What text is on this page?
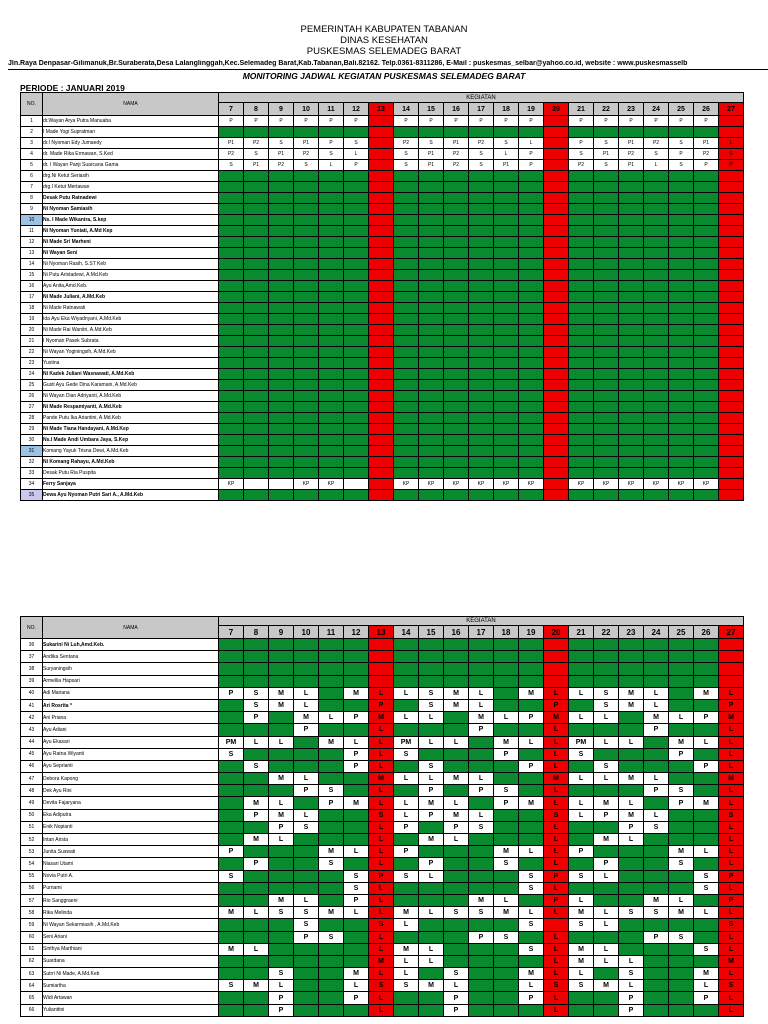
PEMERINTAH KABUPATEN TABANAN
DINAS KESEHATAN
PUSKESMAS SELEMADEG BARAT
Jln.Raya Denpasar-Gilimanuk,Br.Suraberata,Desa Lalanglinggah,Kec.Selemadeg Barat,Kab.Tabanan,Bali.82162. Telp.0361-8311286, E-Mail : puskesmas_selbar@yahoo.co.id, website : www.puskesmasselb
MONITORING JADWAL KEGIATAN PUSKESMAS SELEMADEG BARAT
PERIODE : JANUARI 2019
NO.	NAMA	KEGIATAN																				
		7	8	9	10	11	12	13	14	15	16	17	18	19	20	21	22	23	24	25	26	27
1	dr.Wayan Arya Putra Manuaba	P	P	P	P	P	P		P	P	P	P	P	P		P	P	P	P	P	P	
2	I Made Yogi Supratman																					
3	dr.I Nyoman Edy Jumaedy	P1	P2	S	P1	P	S		P2	S	P1	P2	S	L		P	S	P1	P2	S	P1	L
4	dr. Made Rika Ermawan, S.Ked	P2	S	P1	P2	S	L		S	P1	P2	S	L	P		S	P1	P2	S	P	P2	S
5	dr. I Wayan Panji Suarcana Gama	S	P1	P2	S	L	P		S	P1	P2	S	P1	P		P2	S	P1	L	S	P	P
6	drg.Ni Ketut Seriasih																					
7	drg.I Ketut Mertawan																					
8	Desak Putu Ratnadewi																					
9	Ni Nyoman Samiasih																					
10	Ns. I Made Wikantra, S.kep																					
11	Ni Nyoman Yuniati, A.Md Kep																					
12	Ni Made Sri Marheni																					
13	Ni Wayan Seni																					
14	Ni Nyoman Rasih, S.ST Keb																					
15	Ni Putu Aristadewi, A.Md.Keb																					
16	Ayu Anita,Amd.Keb.																					
17	Ni Made Juliani, A.Md.Keb																					
18	Ni Made Ratnawati																					
19	Ida Ayu Eka Wiyadnyani, A.Md.Keb																					
20	Ni Made Rai Wanitri, A.Md.Keb																					
21	I Nyoman Pasek Subrata																					
22	Ni Wayan Yoginingsih, A.Md.Keb																					
23	Yustina																					
24	Ni Kadek Juliani Wasnawati, A.Md.Keb																					
25	Gusti Ayu Gede Dina Karamani, A.Md.Keb																					
26	Ni Wayan Dian Adriyanti, A.Md.Keb																					
27	Ni Made Respamiyanti, A.Md.Keb																					
28	Pande Putu Ika Ariantini, A.Md.Keb																					
29	Ni Made Tiana Handayani, A.Md.Kep																					
30	Ns.I Made Andi Umbara Jaya, S.Kep																					
31	Komang Yayuk Trisna Dewi, A.Md.Keb																					
32	Ni Komang Rahayu, A.Md.Keb																					
33	Desak Putu Ria Puspita																					
34	Ferry Sanjaya	KP			KP	KP			KP	KP	KP	KP	KP	KP		KP	KP	KP	KP	KP	KP	
35	Dewa Ayu Nyoman Putri Sari A., A.Md.Keb																					
NO.	NAMA	KEGIATAN																				
		7	8	9	10	11	12	13	14	15	16	17	18	19	20	21	22	23	24	25	26	27
36	Sukarini Ni Luh,Amd.Keb.																					
37	Andika Sentana																					
38	Suryaningsih																					
39	Armellia Hapsari																					
40	Adi Mariana	P	S	M	L		M	L	L	S	M	L		M	L	L	S	M	L		M	L
41	Ari Rosrita *		S	M	L			P		S	M	L			P		S	M	L			P
42	Ani Priana		P		M	L	P	M	L	L		M	L	P	M	L	L		M	L	P	M
43	Ayu Adiani				P			L				P			L				P			L
44	Ayu Ekasari	PM	L	L		M	L	L	PM	L	L		M	L	L	PM	L	L		M	L	L
45	Ayu Ratna Wiyanti	S					P	L	S				P		L	S				P		L
46	Ayu Seprianti		S				P	L		S				P	L		S				P	L
47	Debora Kapong			M	L			M	L	L	M	L			M	L	L	M	L			M
48	Dek Ayu Rini				P	S		L		P		P	S		L				P	S		L
49	Devita Fajaryana		M	L		P	M	L	L	M	L		P	M	L	L	M	L		P	M	L
50	Eka Adiputra		P	M	L			S	L	P	M	L			S	L	P	M	L			S
51	Enik Nopianti			P	S			L	P		P	S			L			P	S			L
52	Intan Arista		M	L				L		M	L				L		M	L				L
53	Junita Suswati	P				M	L	L	P				M	L	L	P				M	L	L
54	Niasari Utami		P			S		L		P			S		L		P			S		L
55	Novia Putri A.	S					S	P	S	L				S	P	S	L				S	P
56	Purnami						S	L						S	L						S	L
57	Rio Sanggraeni			M	L		P	L				M	L		P	L			M	L		P
58	Rika Melinda	M	L	S	S	M	L	L	M	L	S	S	M	L	L	M	L	S	S	M	L	L
59	Ni Wayan Sekarmiasih , A.Md.Keb				S			S	L					S		S	L					S
60	Seni Ariani				P	S		L				P	S		L				P	S		L
61	Sinthya Marthiani	M	L					L	M	L				S	L	M	L				S	L
62	Suardana							M	L	L					L	M	L	L				M
63	Sutrri Ni Made, A.Md.Keb			S			M	L	L		S			M	L	L		S			M	L
64	Sumiartha	S	M	L			L	S	S	M	L			L	S	S	M	L			L	S
65	Widi Artawan			P			P	L			P			P	L			P			P	L
66	Yulianttini			P				L			P				L			P				L
